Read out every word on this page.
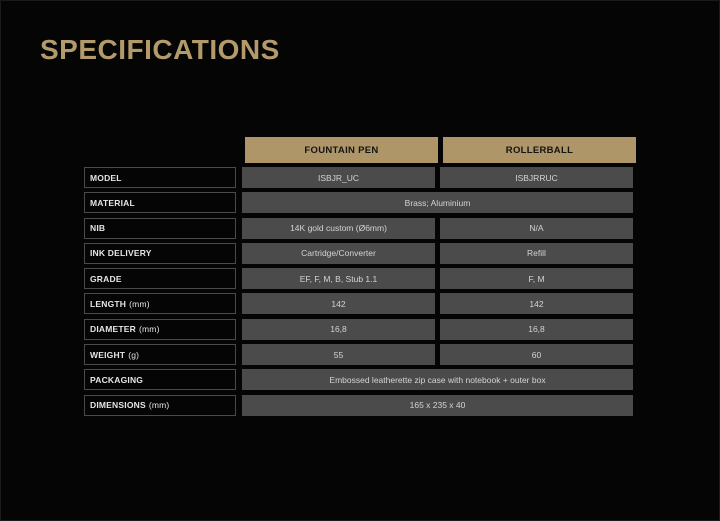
SPECIFICATIONS
FOUNTAIN PEN	ROLLERBALL
MODEL	ISBJR_UC	ISBJRRUC
MATERIAL	Brass; Aluminium
NIB	14K gold custom (Ø6mm)	N/A
INK DELIVERY	Cartridge/Converter	Refill
GRADE	EF, F, M, B, Stub 1.1	F, M
LENGTH (mm)	142	142
DIAMETER (mm)	16,8	16,8
WEIGHT (g)	55	60
PACKAGING	Embossed leatherette zip case with notebook + outer box
DIMENSIONS (mm)	165 x 235 x 40
